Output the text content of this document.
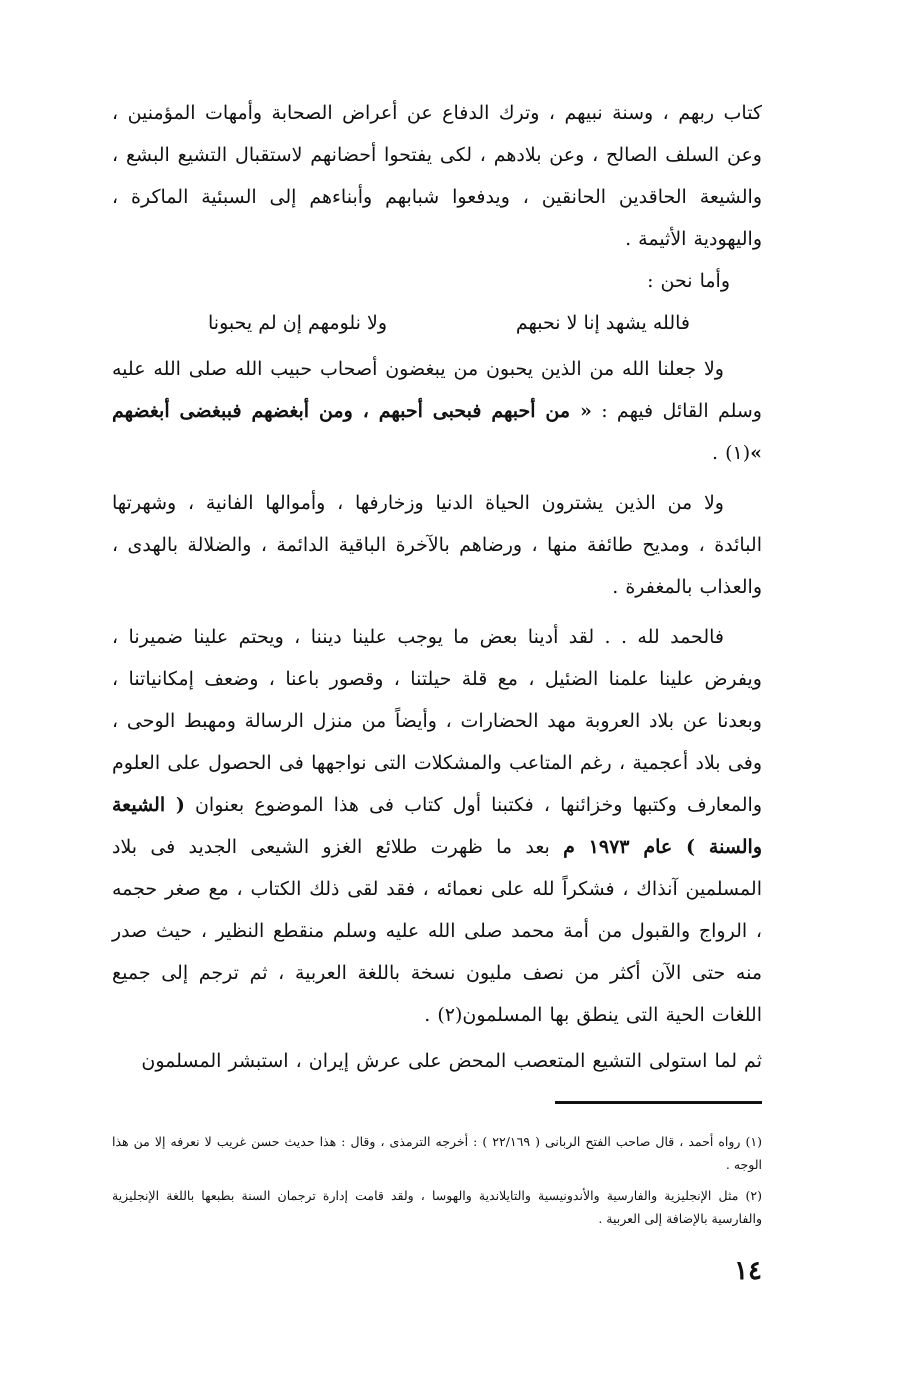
كتاب ربهم ، وسنة نبيهم ، وترك الدفاع عن أعراض الصحابة وأمهات المؤمنين ، وعن السلف الصالح ، وعن بلادهم ، لكى يفتحوا أحضانهم لاستقبال التشيع البشع ، والشيعة الحاقدين الحانقين ، ويدفعوا شبابهم وأبناءهم إلى السبئية الماكرة ، واليهودية الأثيمة .

وأما نحن :

فالله يشهد إنا لا نحبهم
ولا نلومهم إن لم يحبونا

ولا جعلنا الله من الذين يحبون من يبغضون أصحاب حبيب الله صلى الله عليه وسلم القائل فيهم : « من أحبهم فبحبى أحبهم ، ومن أبغضهم فببغضى أبغضهم »(١) .

ولا من الذين يشترون الحياة الدنيا وزخارفها ، وأموالها الفانية ، وشهرتها البائدة ، ومديح طائفة منها ، ورضاهم بالآخرة الباقية الدائمة ، والضلالة بالهدى ، والعذاب بالمغفرة .

فالحمد لله . . لقد أدينا بعض ما يوجب علينا ديننا ، ويحتم علينا ضميرنا ، ويفرض علينا علمنا الضئيل ، مع قلة حيلتنا ، وقصور باعنا ، وضعف إمكانياتنا ، وبعدنا عن بلاد العروبة مهد الحضارات ، وأيضاً من منزل الرسالة ومهبط الوحى ، وفى بلاد أعجمية ، رغم المتاعب والمشكلات التى نواجهها فى الحصول على العلوم والمعارف وكتبها وخزائنها ، فكتبنا أول كتاب فى هذا الموضوع بعنوان ( الشيعة والسنة ) عام ١٩٧٣ م بعد ما ظهرت طلائع الغزو الشيعى الجديد فى بلاد المسلمين آنذاك ، فشكراً لله على نعمائه ، فقد لقى ذلك الكتاب ، مع صغر حجمه ، الرواج والقبول من أمة محمد صلى الله عليه وسلم منقطع النظير ، حيث صدر منه حتى الآن أكثر من نصف مليون نسخة باللغة العربية ، ثم ترجم إلى جميع اللغات الحية التى ينطق بها المسلمون(٢) .

ثم لما استولى التشيع المتعصب المحض على عرش إيران ، استبشر المسلمون

(١) رواه أحمد ، قال صاحب الفتح الربانى ( ٢٢/١٦٩ ) : أخرجه الترمذى ، وقال : هذا حديث حسن غريب لا نعرفه إلا من هذا الوجه .

(٢) مثل الإنجليزية والفارسية والأندونيسية والتايلاندية والهوسا ، ولقد قامت إدارة ترجمان السنة بطبعها باللغة الإنجليزية والفارسية بالإضافة إلى العربية .

١٤
